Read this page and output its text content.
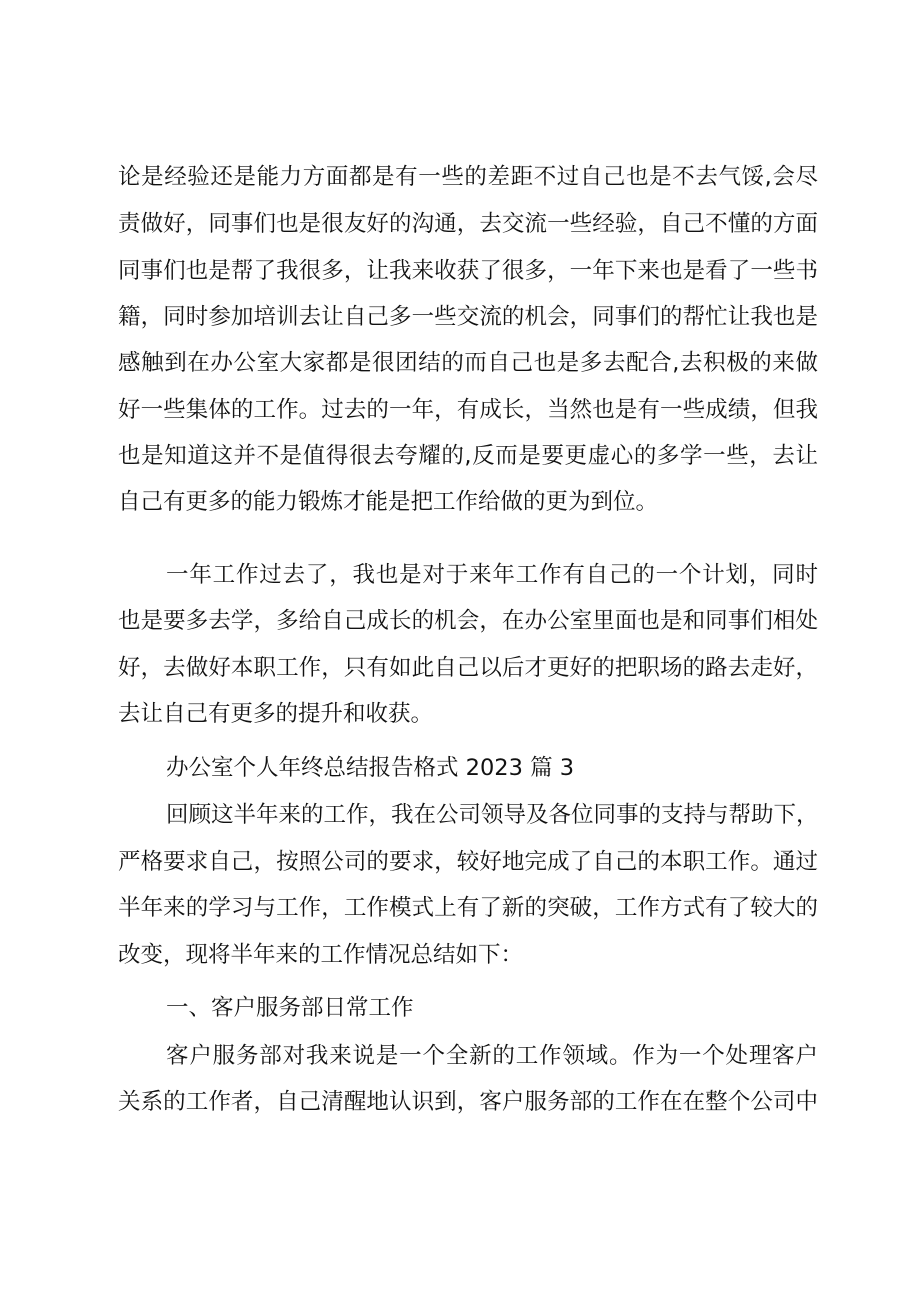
论是经验还是能力方面都是有一些的差距不过自己也是不去气馁,会尽
责做好，同事们也是很友好的沟通，去交流一些经验，自己不懂的方面
同事们也是帮了我很多，让我来收获了很多，一年下来也是看了一些书
籍，同时参加培训去让自己多一些交流的机会，同事们的帮忙让我也是
感触到在办公室大家都是很团结的而自己也是多去配合,去积极的来做
好一些集体的工作。过去的一年，有成长，当然也是有一些成绩，但我
也是知道这并不是值得很去夸耀的,反而是要更虚心的多学一些，去让
自己有更多的能力锻炼才能是把工作给做的更为到位。
一年工作过去了，我也是对于来年工作有自己的一个计划，同时
也是要多去学，多给自己成长的机会，在办公室里面也是和同事们相处
好，去做好本职工作，只有如此自己以后才更好的把职场的路去走好，
去让自己有更多的提升和收获。
办公室个人年终总结报告格式 2023 篇 3
回顾这半年来的工作，我在公司领导及各位同事的支持与帮助下，
严格要求自己，按照公司的要求，较好地完成了自己的本职工作。通过
半年来的学习与工作，工作模式上有了新的突破，工作方式有了较大的
改变，现将半年来的工作情况总结如下：
一、客户服务部日常工作
客户服务部对我来说是一个全新的工作领域。作为一个处理客户
关系的工作者，自己清醒地认识到，客户服务部的工作在在整个公司中
